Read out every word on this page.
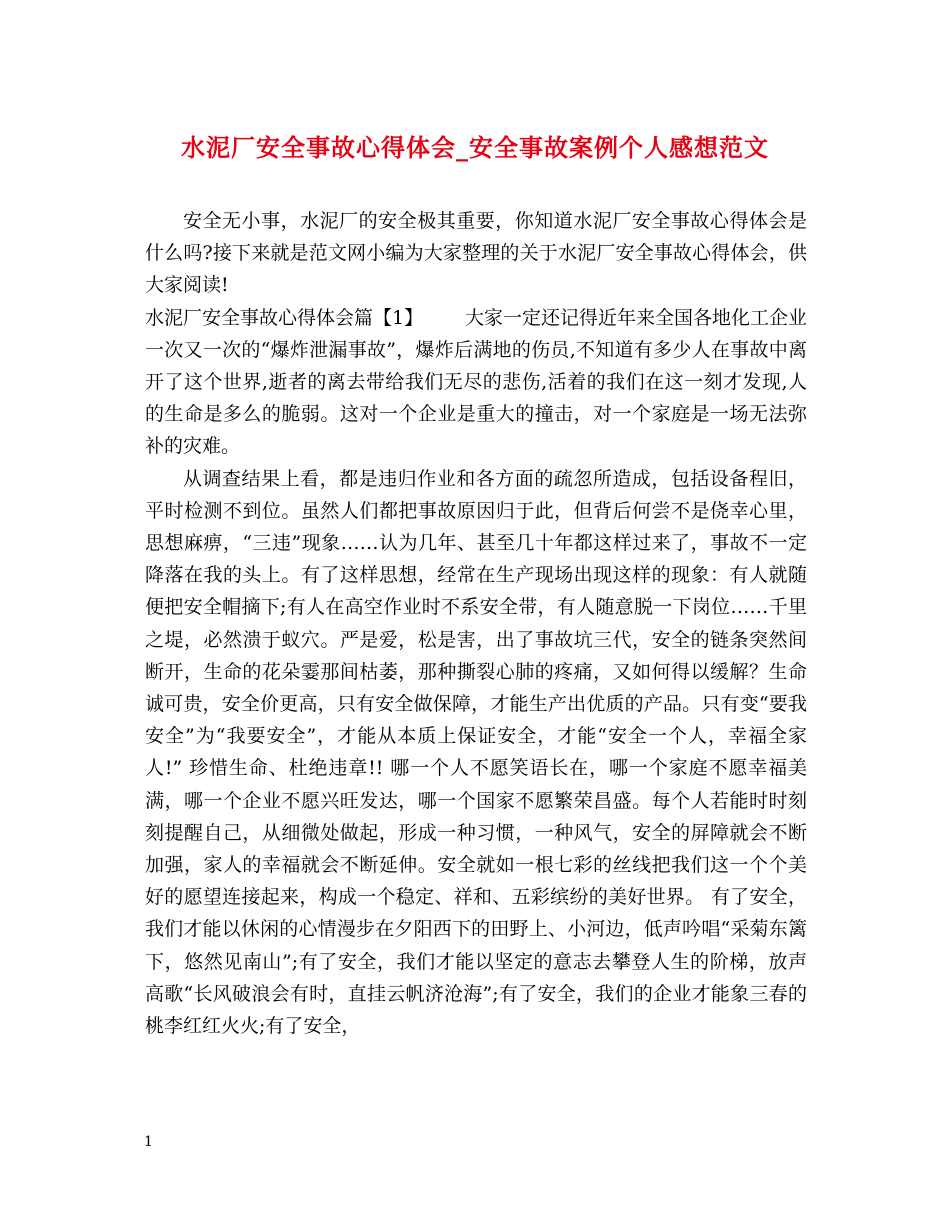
水泥厂安全事故心得体会_安全事故案例个人感想范文

安全无小事，水泥厂的安全极其重要，你知道水泥厂安全事故心得体会是什么吗?接下来就是范文网小编为大家整理的关于水泥厂安全事故心得体会，供大家阅读!

水泥厂安全事故心得体会篇【1】 大家一定还记得近年来全国各地化工企业一次又一次的“爆炸泄漏事故”，爆炸后满地的伤员,不知道有多少人在事故中离开了这个世界,逝者的离去带给我们无尽的悲伤,活着的我们在这一刻才发现,人的生命是多么的脆弱。这对一个企业是重大的撞击，对一个家庭是一场无法弥补的灾难。

从调查结果上看，都是违归作业和各方面的疏忽所造成，包括设备程旧，平时检测不到位。虽然人们都把事故原因归于此，但背后何尝不是侥幸心里，思想麻痹，“三违”现象……认为几年、甚至几十年都这样过来了，事故不一定降落在我的头上。有了这样思想，经常在生产现场出现这样的现象：有人就随便把安全帽摘下;有人在高空作业时不系安全带，有人随意脱一下岗位……千里之堤，必然溃于蚁穴。严是爱，松是害，出了事故坑三代，安全的链条突然间断开，生命的花朵霎那间枯萎，那种撕裂心肺的疼痛，又如何得以缓解？生命诚可贵，安全价更高，只有安全做保障，才能生产出优质的产品。只有变“要我安全”为“我要安全”，才能从本质上保证安全，才能“安全一个人，幸福全家人!” 珍惜生命、杜绝违章!! 哪一个人不愿笑语长在，哪一个家庭不愿幸福美满，哪一个企业不愿兴旺发达，哪一个国家不愿繁荣昌盛。每个人若能时时刻刻提醒自己，从细微处做起，形成一种习惯，一种风气，安全的屏障就会不断加强，家人的幸福就会不断延伸。安全就如一根七彩的丝线把我们这一个个美好的愿望连接起来，构成一个稳定、祥和、五彩缤纷的美好世界。 有了安全，我们才能以休闲的心情漫步在夕阳西下的田野上、小河边，低声吟唱“采菊东篱下，悠然见南山”;有了安全，我们才能以坚定的意志去攀登人生的阶梯，放声高歌“长风破浪会有时，直挂云帆济沧海”;有了安全，我们的企业才能象三春的桃李红红火火;有了安全，

1
